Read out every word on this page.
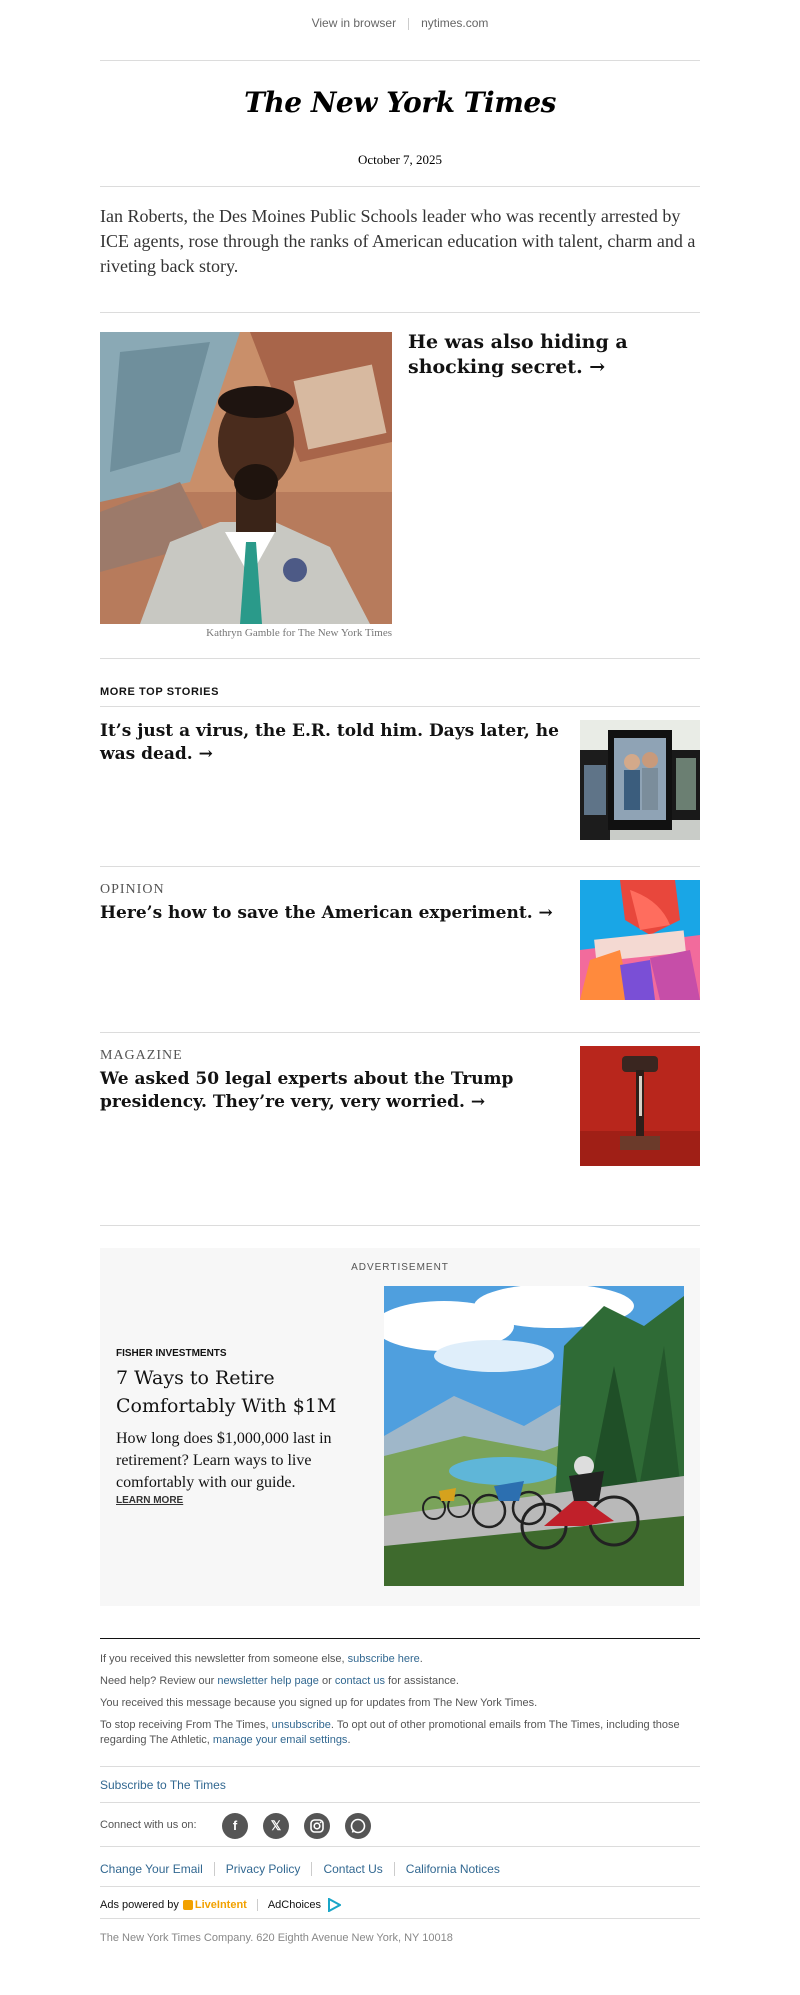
View in browser nytimes.com
The New York Times
October 7, 2025
Ian Roberts, the Des Moines Public Schools leader who was recently arrested by ICE agents, rose through the ranks of American education with talent, charm and a riveting back story.
Kathryn Gamble for The New York Times
He was also hiding a shocking secret. →
MORE TOP STORIES
It’s just a virus, the E.R. told him. Days later, he was dead. →
OPINION
Here’s how to save the American experiment. →
MAGAZINE
We asked 50 legal experts about the Trump presidency. They’re very, very worried. →
ADVERTISEMENT
FISHER INVESTMENTS
7 Ways to Retire Comfortably With $1M
How long does $1,000,000 last in retirement? Learn ways to live comfortably with our guide.
LEARN MORE
If you received this newsletter from someone else, subscribe here.
Need help? Review our newsletter help page or contact us for assistance.
You received this message because you signed up for updates from The New York Times.
To stop receiving From The Times, unsubscribe. To opt out of other promotional emails from The Times, including those regarding The Athletic, manage your email settings.
Subscribe to The Times
Connect with us on:	f	𝕏
Change Your Email Privacy Policy Contact Us California Notices
Ads powered by LiveIntent AdChoices
The New York Times Company. 620 Eighth Avenue New York, NY 10018
